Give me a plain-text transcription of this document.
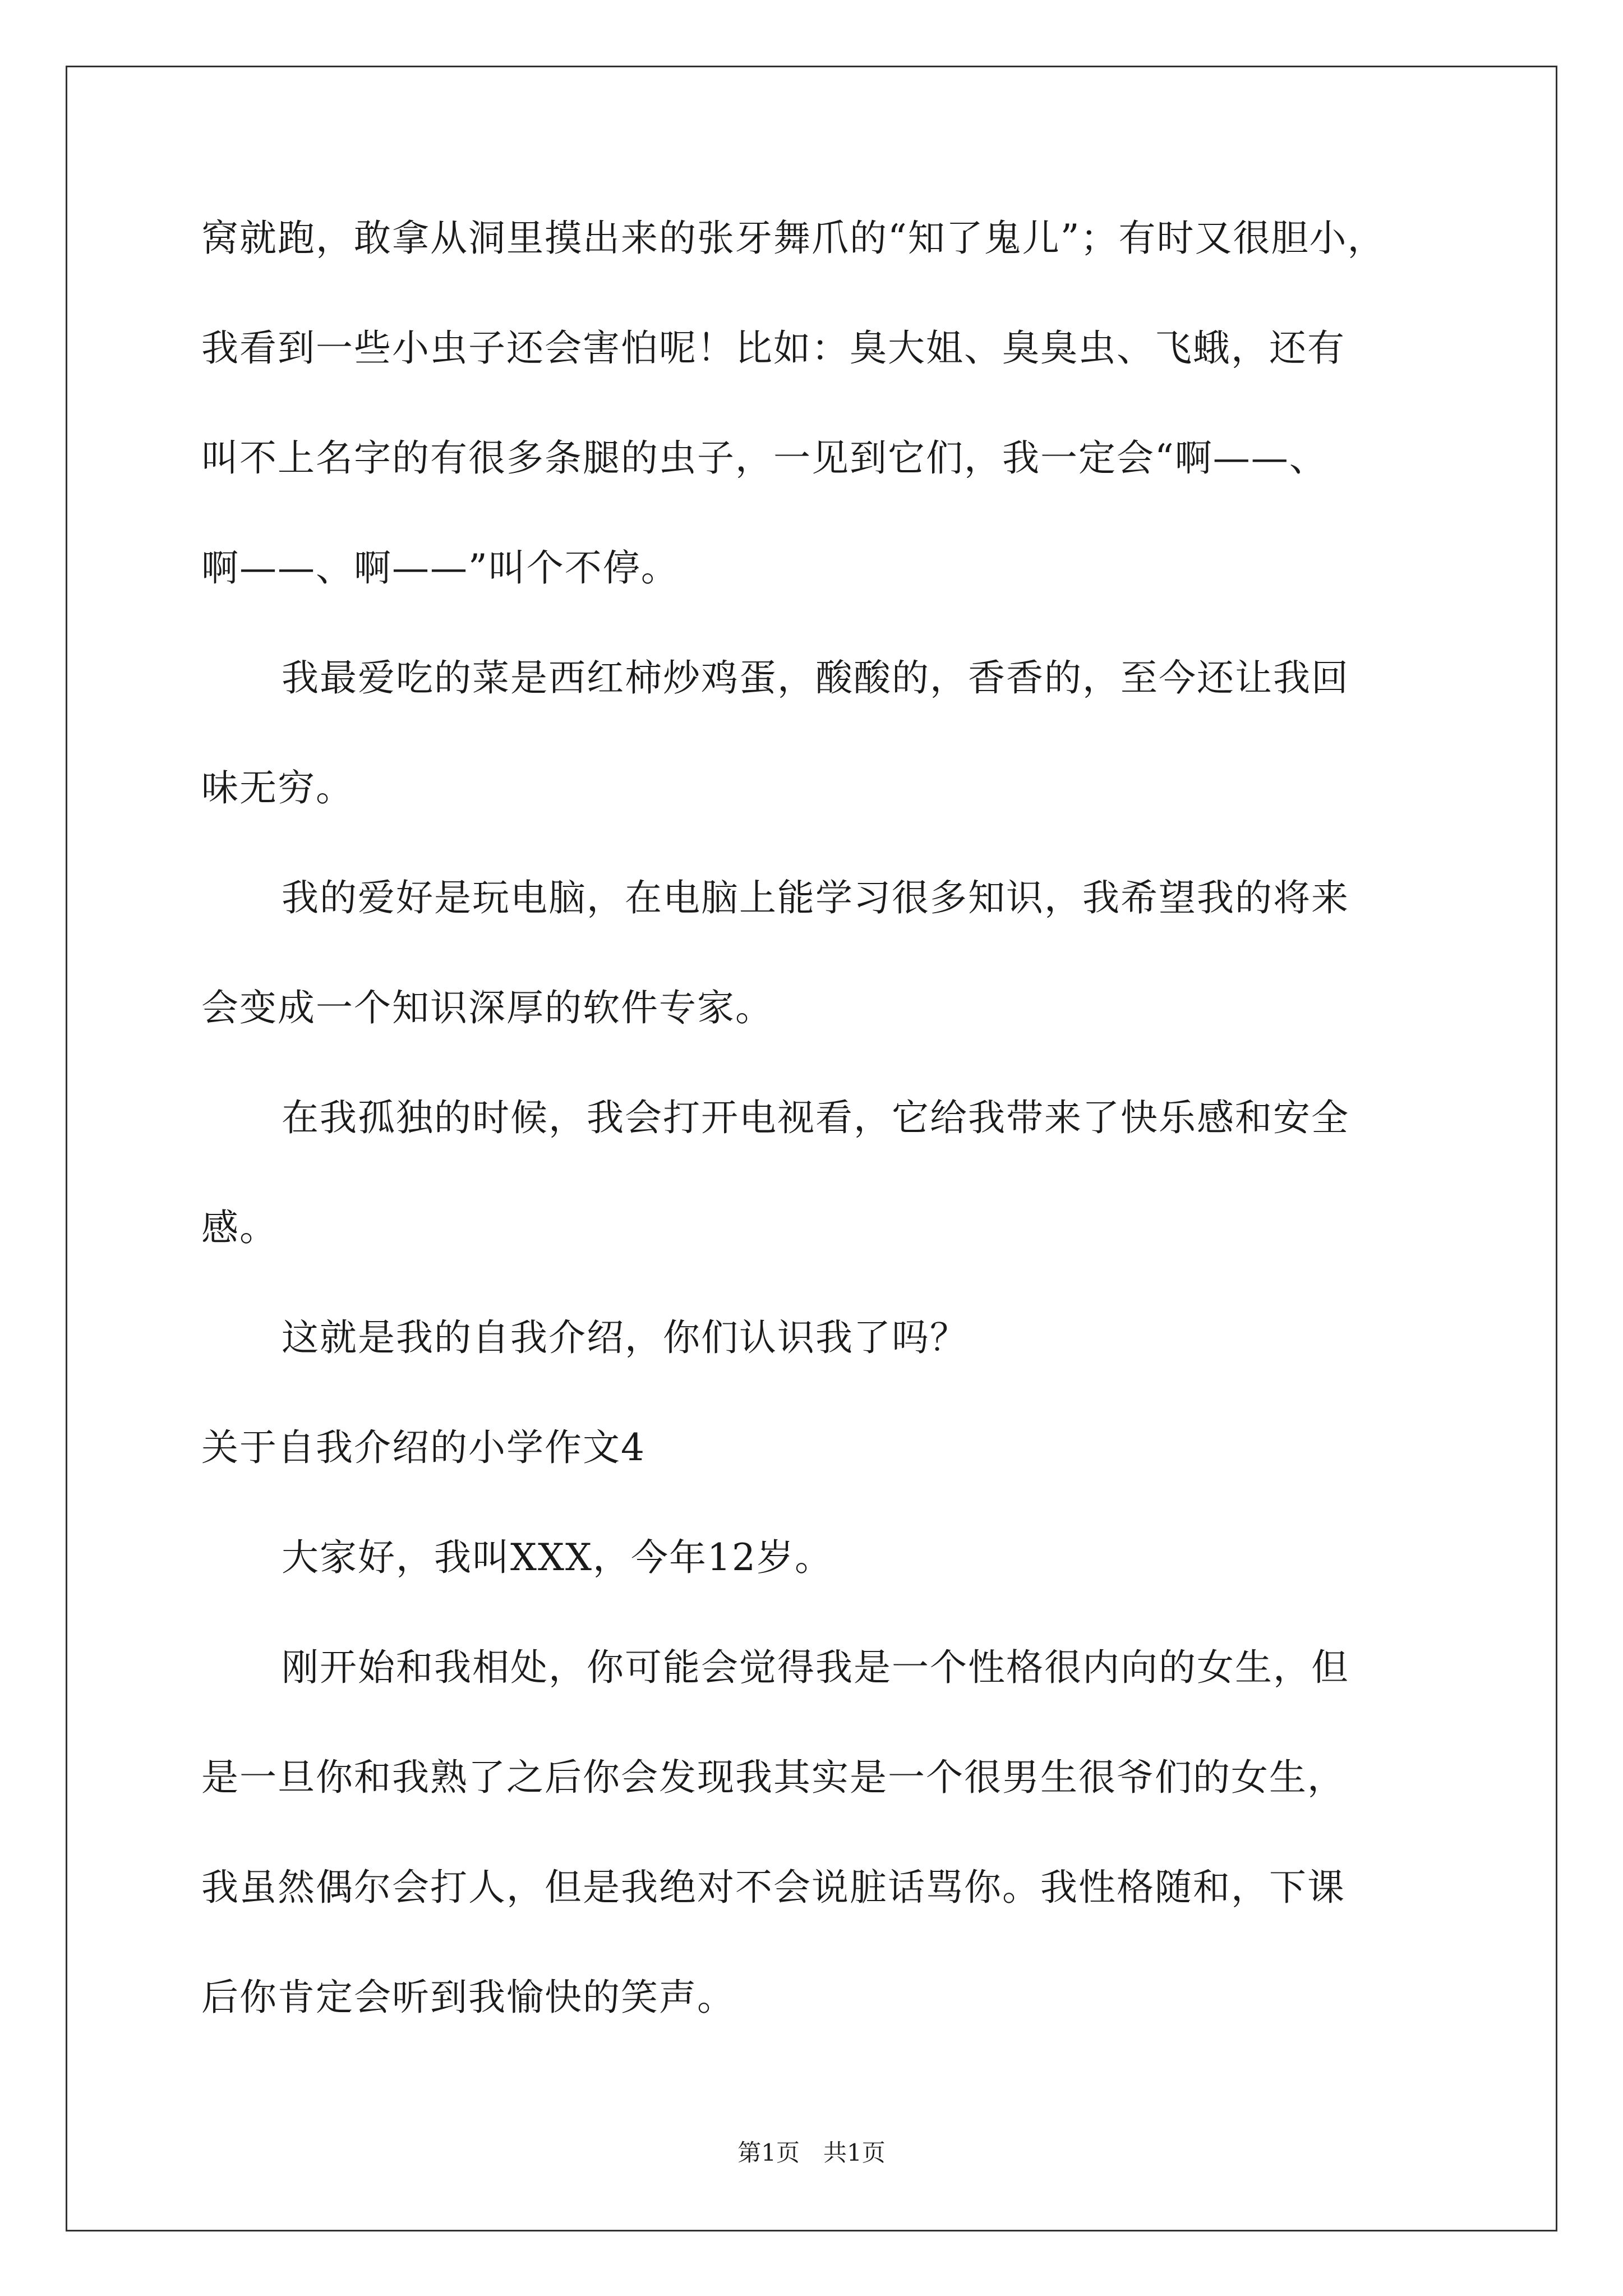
窝就跑，敢拿从洞里摸出来的张牙舞爪的“知了鬼儿”；有时又很胆小，
我看到一些小虫子还会害怕呢！比如：臭大姐、臭臭虫、飞蛾，还有
叫不上名字的有很多条腿的虫子，一见到它们，我一定会“啊——、
啊——、啊——”叫个不停。
我最爱吃的菜是西红柿炒鸡蛋，酸酸的，香香的，至今还让我回
味无穷。
我的爱好是玩电脑，在电脑上能学习很多知识，我希望我的将来
会变成一个知识深厚的软件专家。
在我孤独的时候，我会打开电视看，它给我带来了快乐感和安全
感。
这就是我的自我介绍，你们认识我了吗？
关于自我介绍的小学作文4
大家好，我叫XXX，今年12岁。
刚开始和我相处，你可能会觉得我是一个性格很内向的女生，但
是一旦你和我熟了之后你会发现我其实是一个很男生很爷们的女生，
我虽然偶尔会打人，但是我绝对不会说脏话骂你。我性格随和，下课
后你肯定会听到我愉快的笑声。
第1页　共1页
